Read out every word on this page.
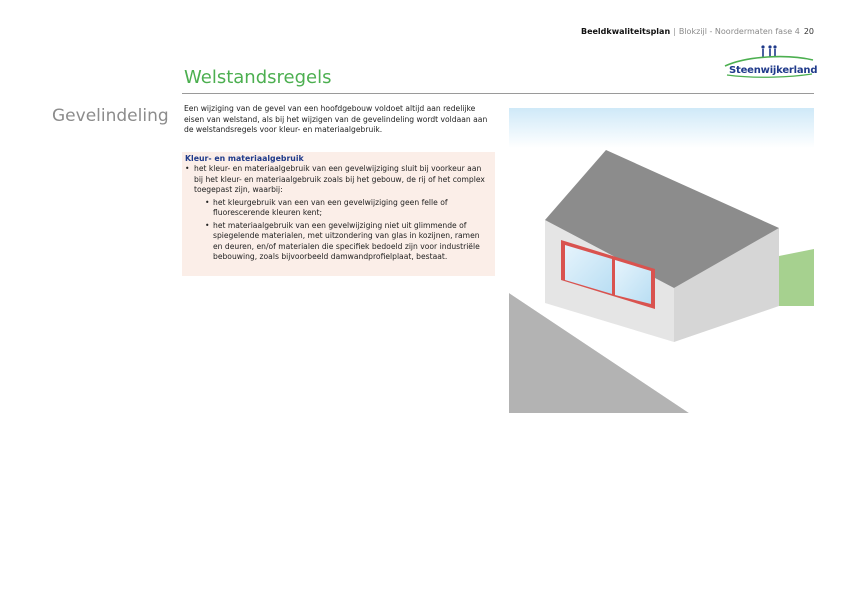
Beeldkwaliteitsplan | Blokzijl - Noordermaten fase 4 20
Steenwijkerland
Welstandsregels
Gevelindeling Een wijziging van de gevel van een hoofdgebouw voldoet altijd aan redelijke eisen van welstand, als bij het wijzigen van de gevelindeling wordt voldaan aan de welstandsregels voor kleur- en materiaalgebruik.

Kleur- en materiaalgebruik
• het kleur- en materiaalgebruik van een gevelwijziging sluit bij voorkeur aan bij het kleur- en materiaalgebruik zoals bij het gebouw, de rij of het complex toegepast zijn, waarbij:
• het kleurgebruik van een van een gevelwijziging geen felle of fluorescerende kleuren kent;
• het materiaalgebruik van een gevelwijziging niet uit glimmende of spiegelende materialen, met uitzondering van glas in kozijnen, ramen en deuren, en/of materialen die specifiek bedoeld zijn voor industriële bebouwing, zoals bijvoorbeeld damwandprofielplaat, bestaat.
